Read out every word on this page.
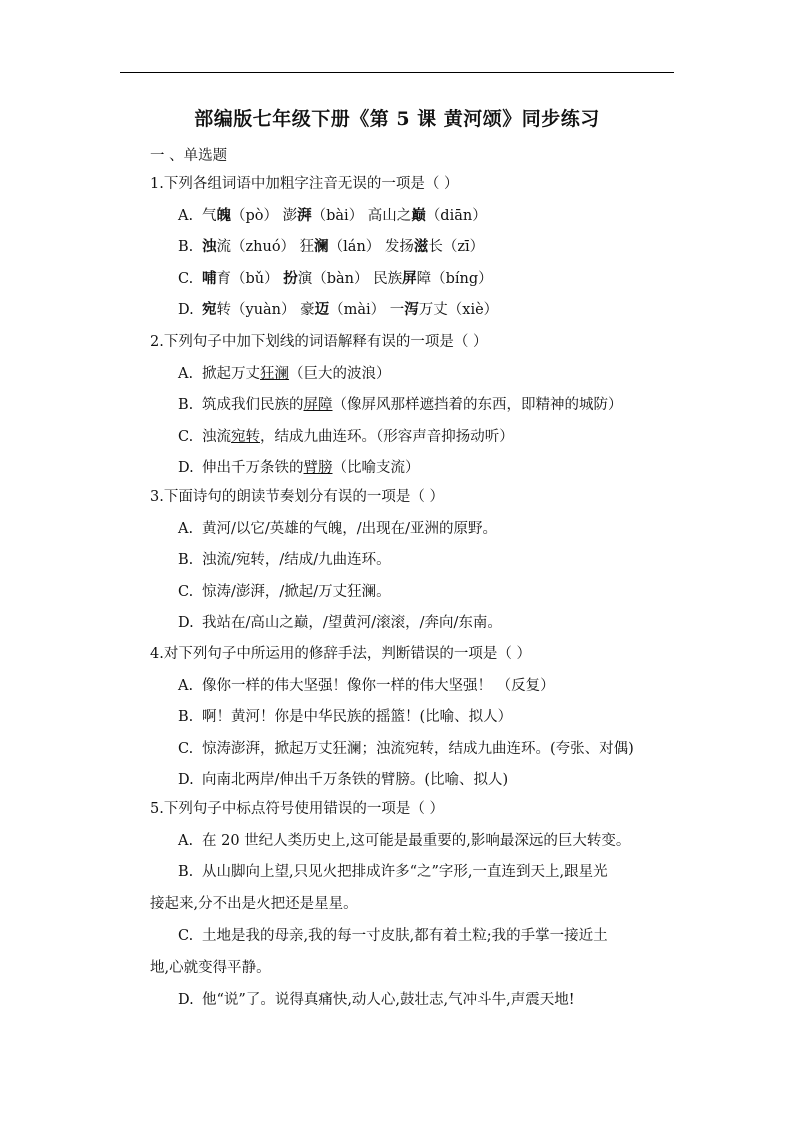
部编版七年级下册《第 5 课 黄河颂》同步练习
一 、单选题
1.下列各组词语中加粗字注音无误的一项是（ ）
A. 气魄（pò） 澎湃（bài） 高山之巅（diān）
B. 浊流（zhuó） 狂澜（lán） 发扬滋长（zī）
C. 哺育（bǔ） 扮演（bàn） 民族屏障（bíng）
D. 宛转（yuàn） 豪迈（mài） 一泻万丈（xiè）
2.下列句子中加下划线的词语解释有误的一项是（ ）
A. 掀起万丈狂澜（巨大的波浪）
B. 筑成我们民族的屏障（像屏风那样遮挡着的东西，即精神的城防）
C. 浊流宛转，结成九曲连环。（形容声音抑扬动听）
D. 伸出千万条铁的臂膀（比喻支流）
3.下面诗句的朗读节奏划分有误的一项是（ ）
A. 黄河/以它/英雄的气魄，/出现在/亚洲的原野。
B. 浊流/宛转，/结成/九曲连环。
C. 惊涛/澎湃，/掀起/万丈狂澜。
D. 我站在/高山之巅，/望黄河/滚滚，/奔向/东南。
4.对下列句子中所运用的修辞手法，判断错误的一项是（ ）
A. 像你一样的伟大坚强！像你一样的伟大坚强！ （反复）
B. 啊！黄河！你是中华民族的摇篮！(比喻、拟人）
C. 惊涛澎湃，掀起万丈狂澜；浊流宛转，结成九曲连环。(夸张、对偶)
D. 向南北两岸/伸出千万条铁的臂膀。(比喻、拟人)
5.下列句子中标点符号使用错误的一项是（ ）
A. 在 20 世纪人类历史上,这可能是最重要的,影响最深远的巨大转变。
B. 从山脚向上望,只见火把排成许多“之”字形,一直连到天上,跟星光
接起来,分不出是火把还是星星。
C. 土地是我的母亲,我的每一寸皮肤,都有着土粒;我的手掌一接近土
地,心就变得平静。
D. 他“说”了。说得真痛快,动人心,鼓壮志,气冲斗牛,声震天地!
